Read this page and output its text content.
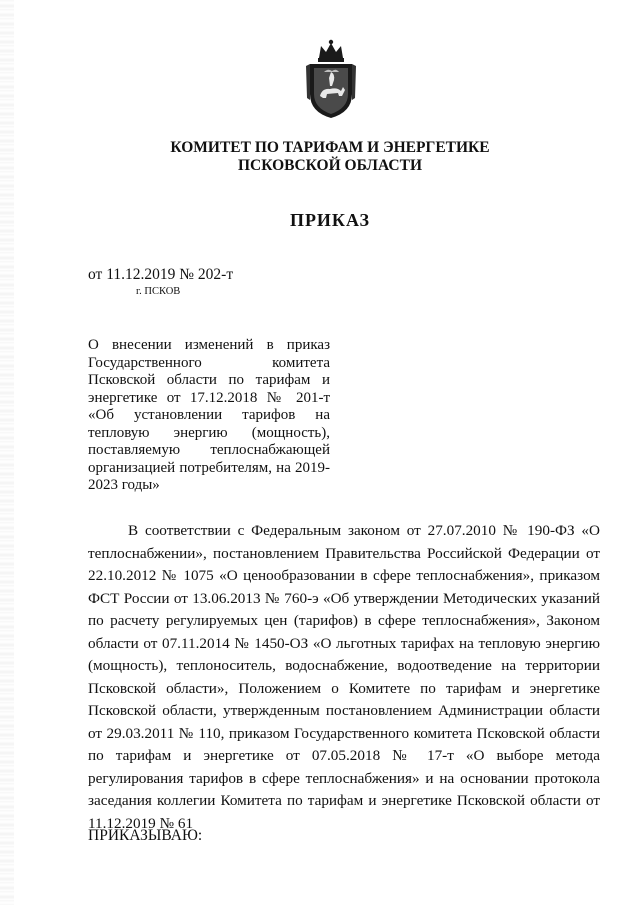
КОМИТЕТ ПО ТАРИФАМ И ЭНЕРГЕТИКЕ
ПСКОВСКОЙ ОБЛАСТИ
ПРИКАЗ
от 11.12.2019 № 202-т
г. ПСКОВ
О внесении изменений в приказ Государственного комитета Псковской области по тарифам и энергетике от 17.12.2018 № 201-т «Об установлении тарифов на тепловую энергию (мощность), поставляемую теплоснабжающей организацией потребителям, на 2019-2023 годы»
В соответствии с Федеральным законом от 27.07.2010 № 190-ФЗ «О теплоснабжении», постановлением Правительства Российской Федерации от 22.10.2012 № 1075 «О ценообразовании в сфере теплоснабжения», приказом ФСТ России от 13.06.2013 № 760-э «Об утверждении Методических указаний по расчету регулируемых цен (тарифов) в сфере теплоснабжения», Законом области от 07.11.2014 № 1450-ОЗ «О льготных тарифах на тепловую энергию (мощность), теплоноситель, водоснабжение, водоотведение на территории Псковской области», Положением о Комитете по тарифам и энергетике Псковской области, утвержденным постановлением Администрации области от 29.03.2011 № 110, приказом Государственного комитета Псковской области по тарифам и энергетике от 07.05.2018 № 17-т «О выборе метода регулирования тарифов в сфере теплоснабжения» и на основании протокола заседания коллегии Комитета по тарифам и энергетике Псковской области от 11.12.2019 № 61
ПРИКАЗЫВАЮ:
